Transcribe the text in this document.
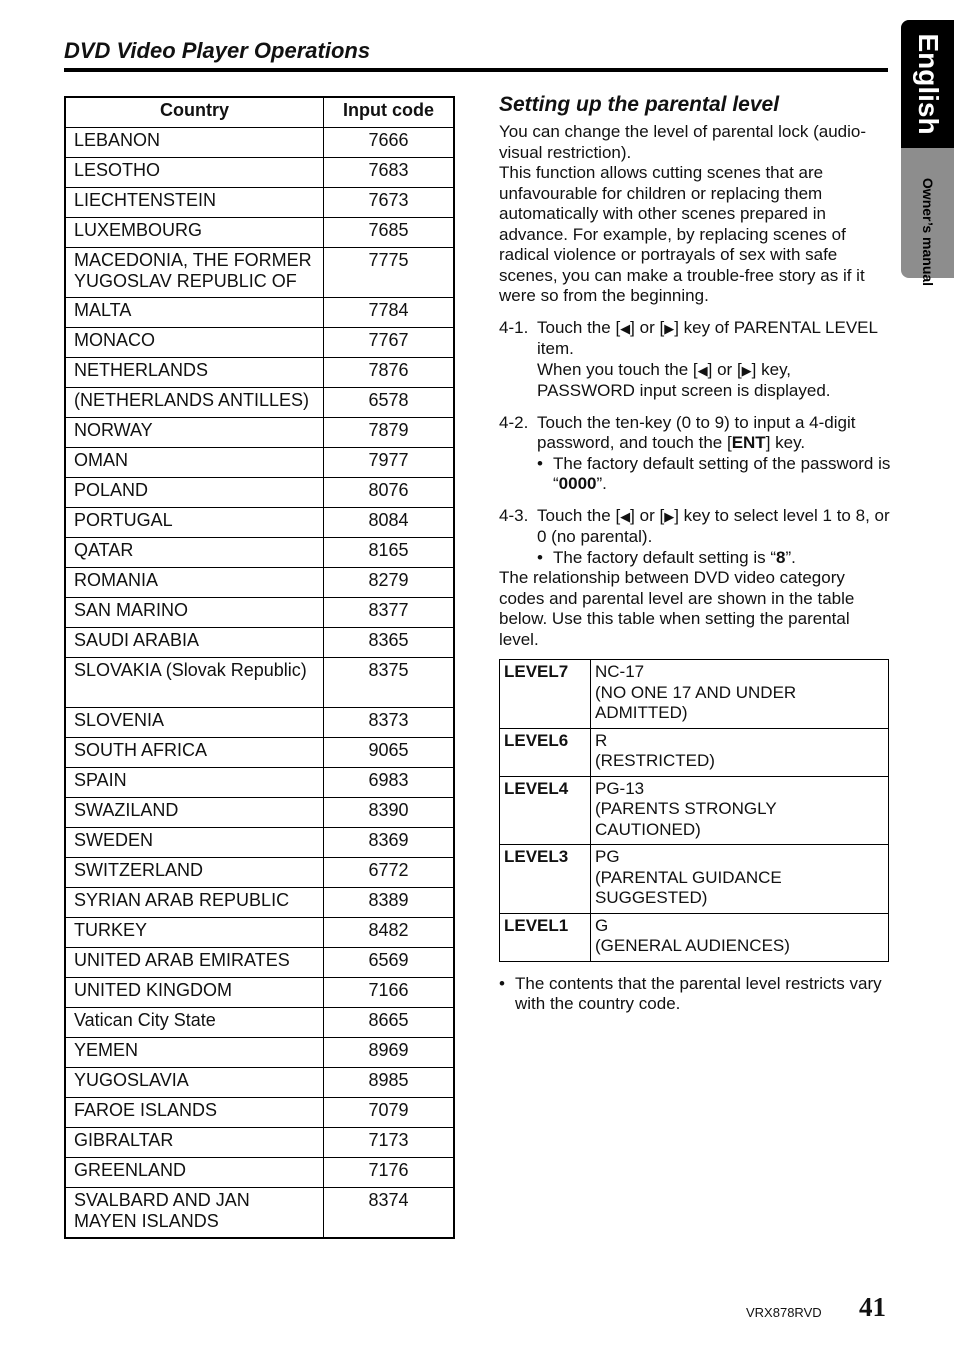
DVD Video Player Operations	English
Owner’s manual
Country	Input code
LEBANON	7666
LESOTHO	7683
LIECHTENSTEIN	7673
LUXEMBOURG	7685
MACEDONIA, THE FORMER YUGOSLAV REPUBLIC OF	7775
MALTA	7784
MONACO	7767
NETHERLANDS	7876
(NETHERLANDS ANTILLES)	6578
NORWAY	7879
OMAN	7977
POLAND	8076
PORTUGAL	8084
QATAR	8165
ROMANIA	8279
SAN MARINO	8377
SAUDI ARABIA	8365
SLOVAKIA (Slovak Republic)	8375
SLOVENIA	8373
SOUTH AFRICA	9065
SPAIN	6983
SWAZILAND	8390
SWEDEN	8369
SWITZERLAND	6772
SYRIAN ARAB REPUBLIC	8389
TURKEY	8482
UNITED ARAB EMIRATES	6569
UNITED KINGDOM	7166
Vatican City State	8665
YEMEN	8969
YUGOSLAVIA	8985
FAROE ISLANDS	7079
GIBRALTAR	7173
GREENLAND	7176
SVALBARD AND JAN MAYEN ISLANDS	8374
Setting up the parental level

You can change the level of parental lock (audio-visual restriction).

This function allows cutting scenes that are unfavourable for children or replacing them automatically with other scenes prepared in advance. For example, by replacing scenes of radical violence or portrayals of sex with safe scenes, you can make a trouble-free story as if it were so from the beginning.

4-1. Touch the [◀] or [▶] key of PARENTAL LEVEL item.
When you touch the [◀] or [▶] key, PASSWORD input screen is displayed.
4-2. Touch the ten-key (0 to 9) to input a 4-digit password, and touch the [ENT] key.
• The factory default setting of the password is “0000”.
4-3. Touch the [◀] or [▶] key to select level 1 to 8, or 0 (no parental).
• The factory default setting is “8”.

The relationship between DVD video category codes and parental level are shown in the table below. Use this table when setting the parental level.

LEVEL7	NC-17
(NO ONE 17 AND UNDER ADMITTED)

LEVEL6	R
(RESTRICTED)

LEVEL4	PG-13
(PARENTS STRONGLY CAUTIONED)

LEVEL3	PG
(PARENTAL GUIDANCE SUGGESTED)

LEVEL1	G
(GENERAL AUDIENCES)
• The contents that the parental level restricts vary with the country code.
VRX878RVD 41
